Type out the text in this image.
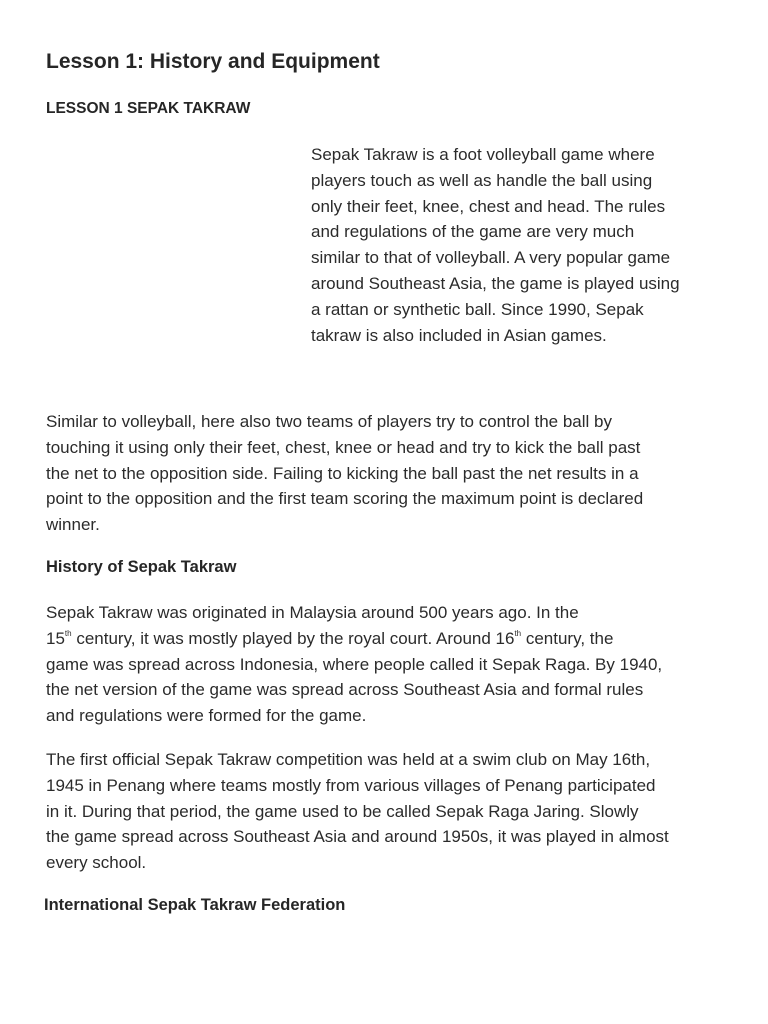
Lesson 1: History and Equipment
LESSON 1 SEPAK TAKRAW

Sepak Takraw is a foot volleyball game where
players touch as well as handle the ball using
only their feet, knee, chest and head. The rules
and regulations of the game are very much
similar to that of volleyball. A very popular game
around Southeast Asia, the game is played using
a rattan or synthetic ball. Since 1990, Sepak
takraw is also included in Asian games.

Similar to volleyball, here also two teams of players try to control the ball by
touching it using only their feet, chest, knee or head and try to kick the ball past
the net to the opposition side. Failing to kicking the ball past the net results in a
point to the opposition and the first team scoring the maximum point is declared
winner.

History of Sepak Takraw

Sepak Takraw was originated in Malaysia around 500 years ago. In the
15th century, it was mostly played by the royal court. Around 16th century, the
game was spread across Indonesia, where people called it Sepak Raga. By 1940,
the net version of the game was spread across Southeast Asia and formal rules
and regulations were formed for the game.

The first official Sepak Takraw competition was held at a swim club on May 16th,
1945 in Penang where teams mostly from various villages of Penang participated
in it. During that period, the game used to be called Sepak Raga Jaring. Slowly
the game spread across Southeast Asia and around 1950s, it was played in almost
every school.

International Sepak Takraw Federation
